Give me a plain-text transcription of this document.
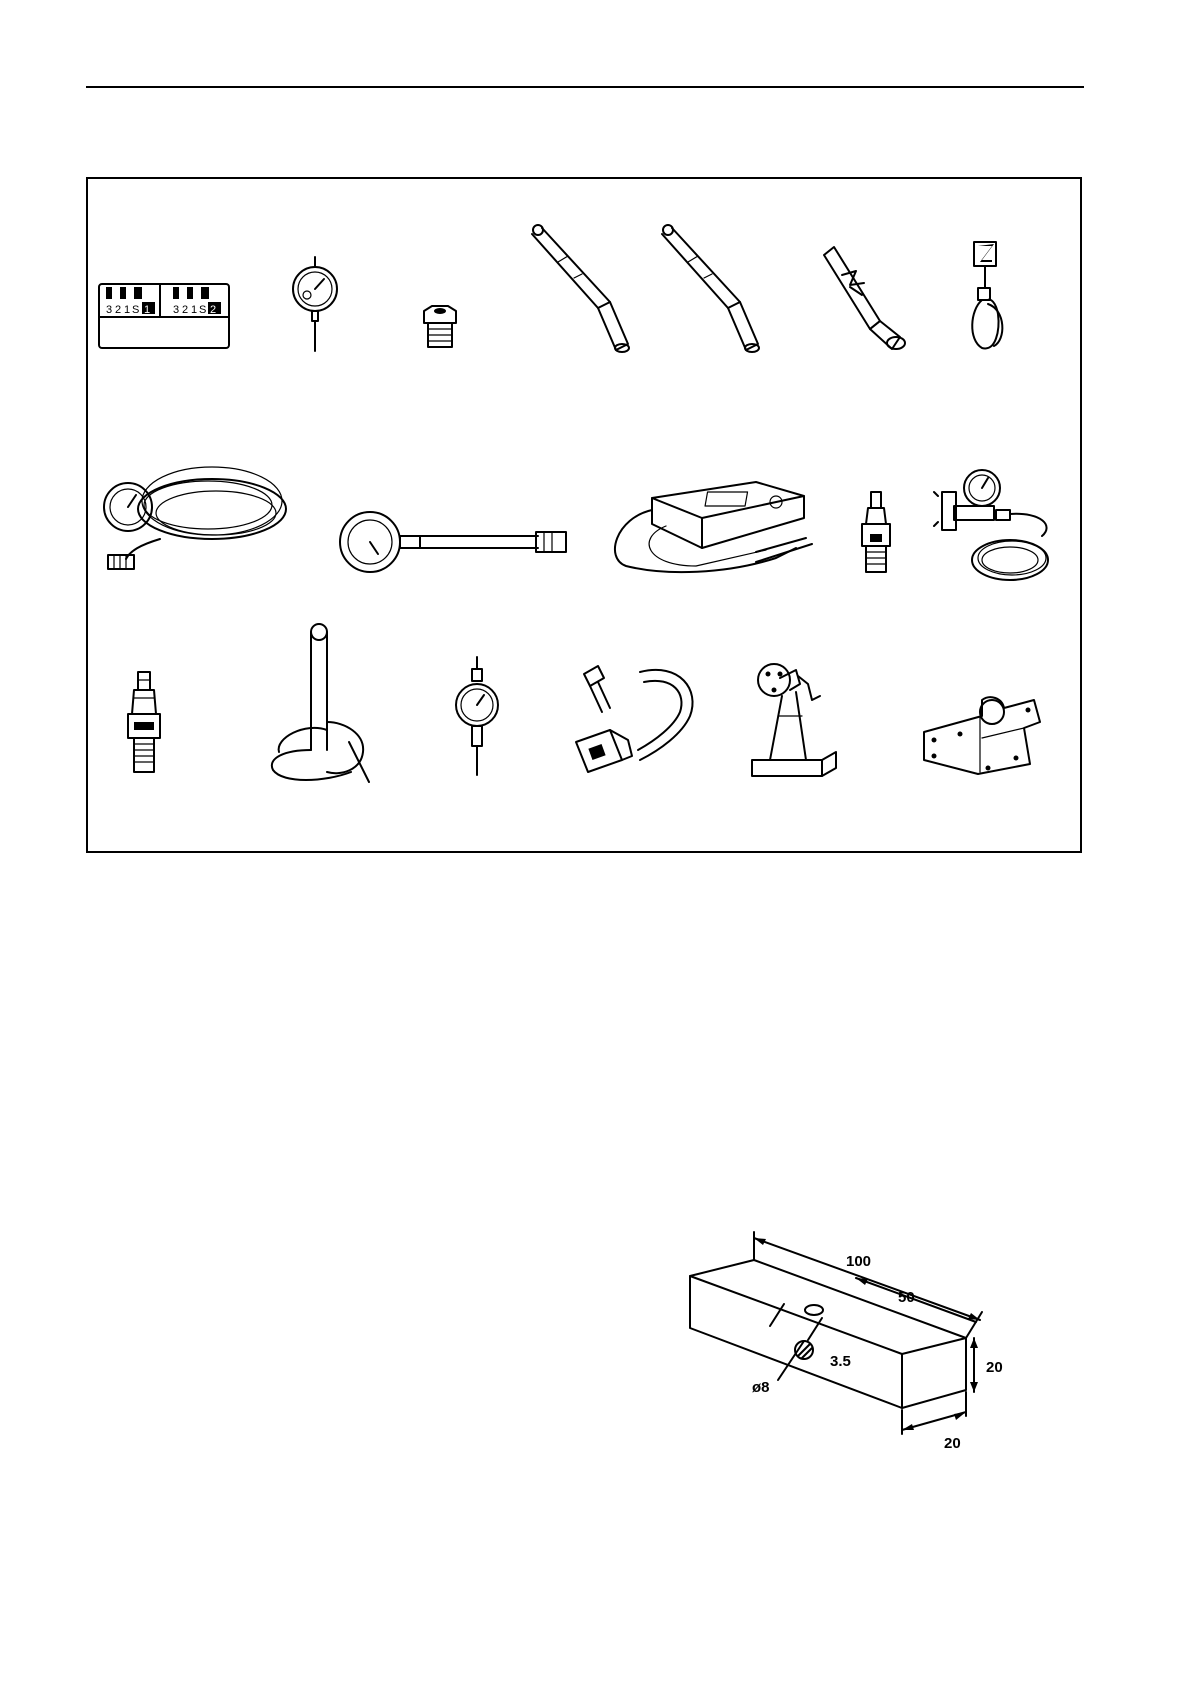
3 2 1 S 1 3 2 1 S 2
100
50
20
20
ø8
3.5
